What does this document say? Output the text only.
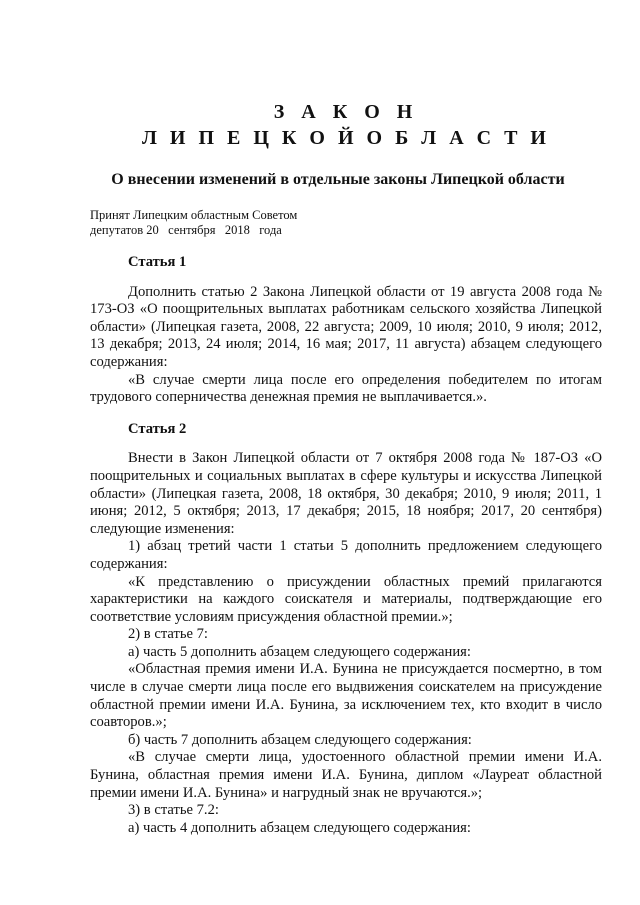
З А К О Н
Л И П Е Ц К О Й О Б Л А С Т И
О внесении изменений в отдельные законы Липецкой области
Принят Липецким областным Советом
депутатов 20   сентября   2018   года
Статья 1

Дополнить статью 2 Закона Липецкой области от 19 августа 2008 года № 173-ОЗ «О поощрительных выплатах работникам сельского хозяйства Липецкой области» (Липецкая газета, 2008, 22 августа; 2009, 10 июля; 2010, 9 июля; 2012, 13 декабря; 2013, 24 июля; 2014, 16 мая; 2017, 11 августа) абзацем следующего содержания:

«В случае смерти лица после его определения победителем по итогам трудового соперничества денежная премия не выплачивается.».

Статья 2

Внести в Закон Липецкой области от 7 октября 2008 года № 187-ОЗ «О поощрительных и социальных выплатах в сфере культуры и искусства Липецкой области» (Липецкая газета, 2008, 18 октября, 30 декабря; 2010, 9 июля; 2011, 1 июня; 2012, 5 октября; 2013, 17 декабря; 2015, 18 ноября; 2017, 20 сентября) следующие изменения:

1) абзац третий части 1 статьи 5 дополнить предложением следующего содержания:

«К представлению о присуждении областных премий прилагаются характеристики на каждого соискателя и материалы, подтверждающие его соответствие условиям присуждения областной премии.»;

2) в статье 7:

а) часть 5 дополнить абзацем следующего содержания:

«Областная премия имени И.А. Бунина не присуждается посмертно, в том числе в случае смерти лица после его выдвижения соискателем на присуждение областной премии имени И.А. Бунина, за исключением тех, кто входит в число соавторов.»;

б) часть 7 дополнить абзацем следующего содержания:

«В случае смерти лица, удостоенного областной премии имени И.А. Бунина, областная премия имени И.А. Бунина, диплом «Лауреат областной премии имени И.А. Бунина» и нагрудный знак не вручаются.»;

3) в статье 7.2:

а) часть 4 дополнить абзацем следующего содержания:
